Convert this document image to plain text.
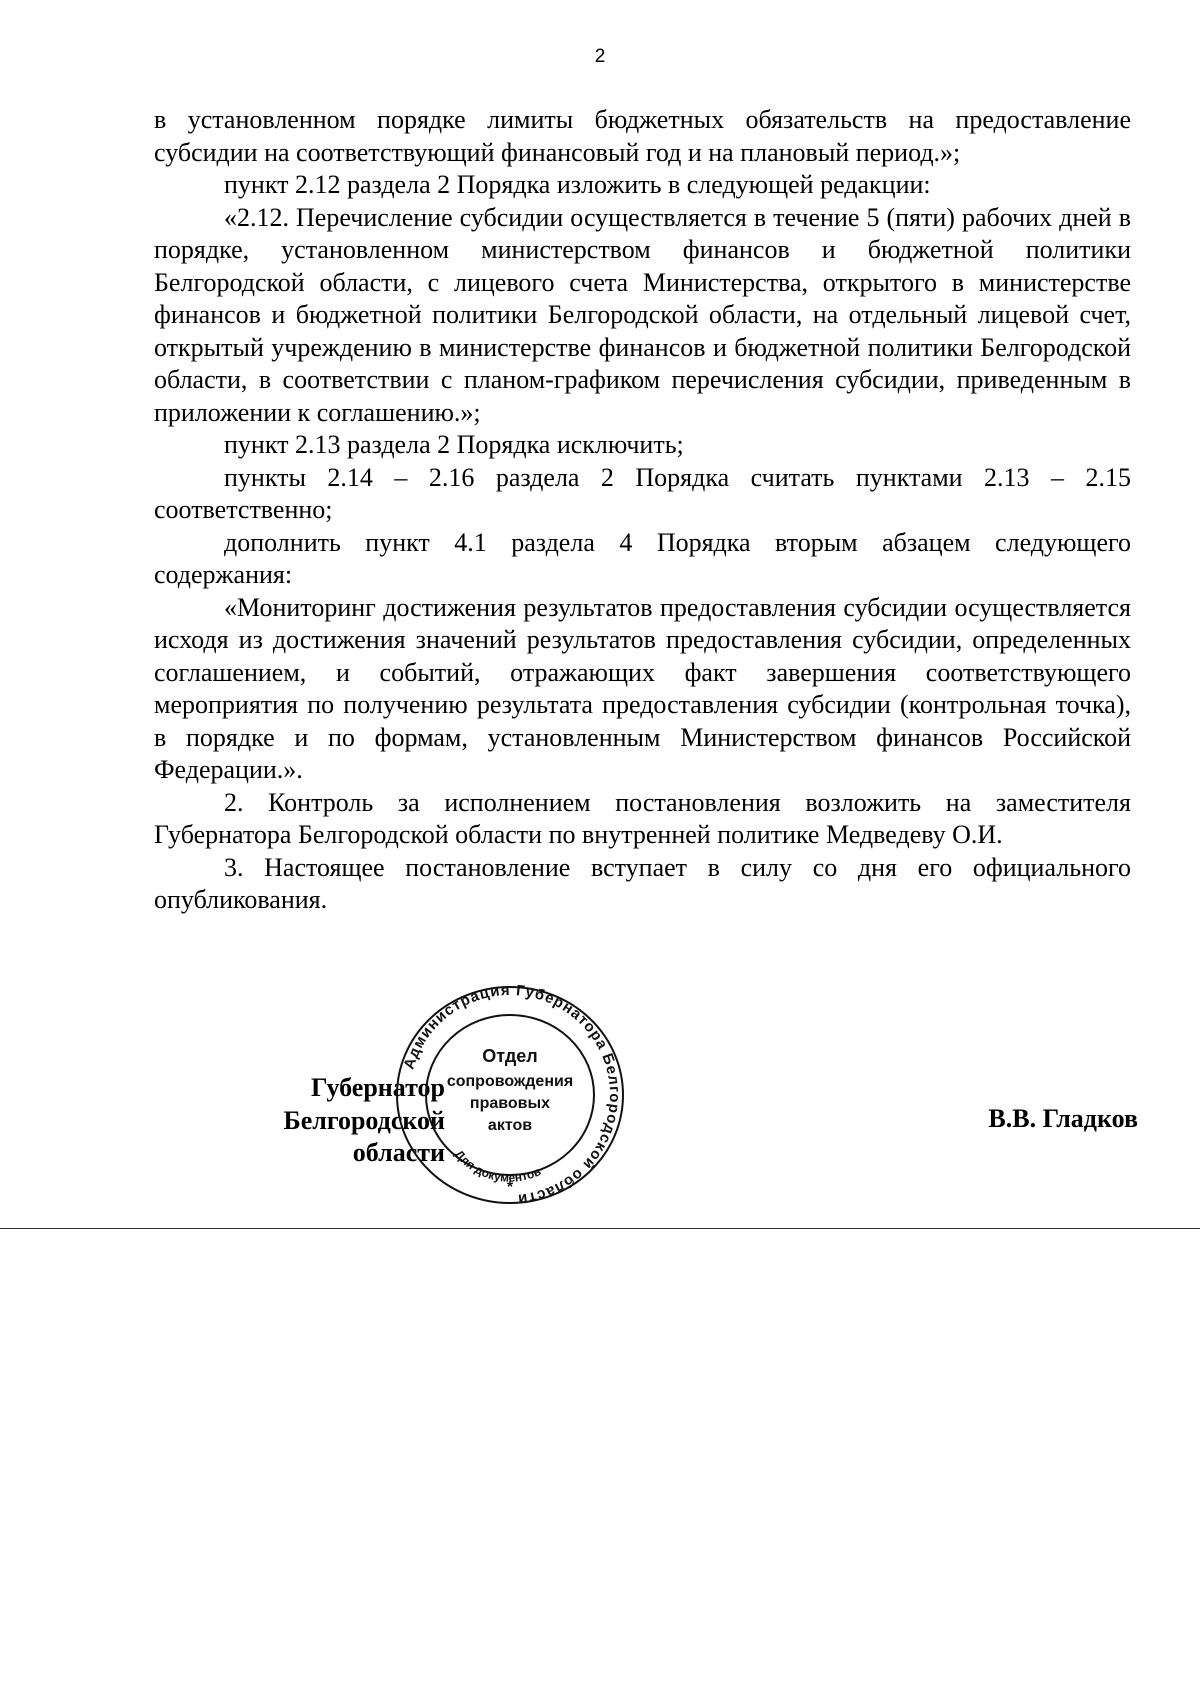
2

в установленном порядке лимиты бюджетных обязательств на предоставление субсидии на соответствующий финансовый год и на плановый период.»;

пункт 2.12 раздела 2 Порядка изложить в следующей редакции:

«2.12. Перечисление субсидии осуществляется в течение 5 (пяти) рабочих дней в порядке, установленном министерством финансов и бюджетной политики Белгородской области, с лицевого счета Министерства, открытого в министерстве финансов и бюджетной политики Белгородской области, на отдельный лицевой счет, открытый учреждению в министерстве финансов и бюджетной политики Белгородской области, в соответствии с планом-графиком перечисления субсидии, приведенным в приложении к соглашению.»;

пункт 2.13 раздела 2 Порядка исключить;

пункты 2.14 – 2.16 раздела 2 Порядка считать пунктами 2.13 – 2.15 соответственно;

дополнить пункт 4.1 раздела 4 Порядка вторым абзацем следующего содержания:

«Мониторинг достижения результатов предоставления субсидии осуществляется исходя из достижения значений результатов предоставления субсидии, определенных соглашением, и событий, отражающих факт завершения соответствующего мероприятия по получению результата предоставления субсидии (контрольная точка), в порядке и по формам, установленным Министерством финансов Российской Федерации.».

2. Контроль за исполнением постановления возложить на заместителя Губернатора Белгородской области по внутренней политике Медведеву О.И.

3. Настоящее постановление вступает в силу со дня его официального опубликования.

Губернатор
Белгородской области
В.В. Гладков
Администрация Губернатора Белгородской области
Отдел
сопровождения
правовых
актов
Для документов
*
